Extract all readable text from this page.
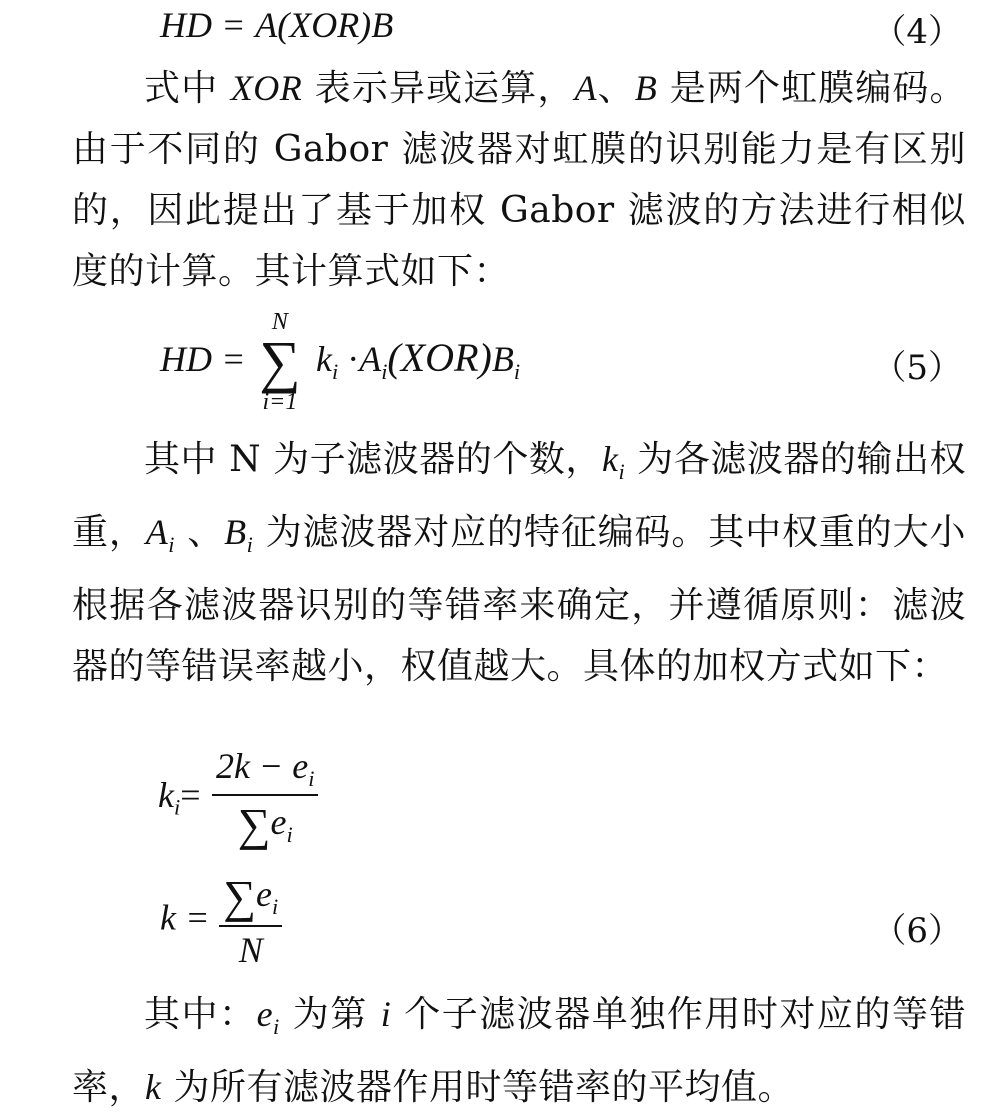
HD = A(XOR)B	（4）
式中 XOR 表示异或运算，A、B 是两个虹膜编码。由于不同的 Gabor 滤波器对虹膜的识别能力是有区别的，因此提出了基于加权 Gabor 滤波的方法进行相似度的计算。其计算式如下：
HD =
N
∑
i=1
$k_i \cdot A_i(XOR)B_i$	（5）
其中 N 为子滤波器的个数，$k_i$ 为各滤波器的输出权重，$A_i$ 、$B_i$ 为滤波器对应的特征编码。其中权重的大小根据各滤波器识别的等错率来确定，并遵循原则：滤波器的等错误率越小，权值越大。具体的加权方式如下：
$k_i= \frac{2k - e_i}{\sum e_i}$
$k = \frac{\sum e_i}{N}$	（6）
其中：$e_i$ 为第 i 个子滤波器单独作用时对应的等错率，k 为所有滤波器作用时等错率的平均值。
